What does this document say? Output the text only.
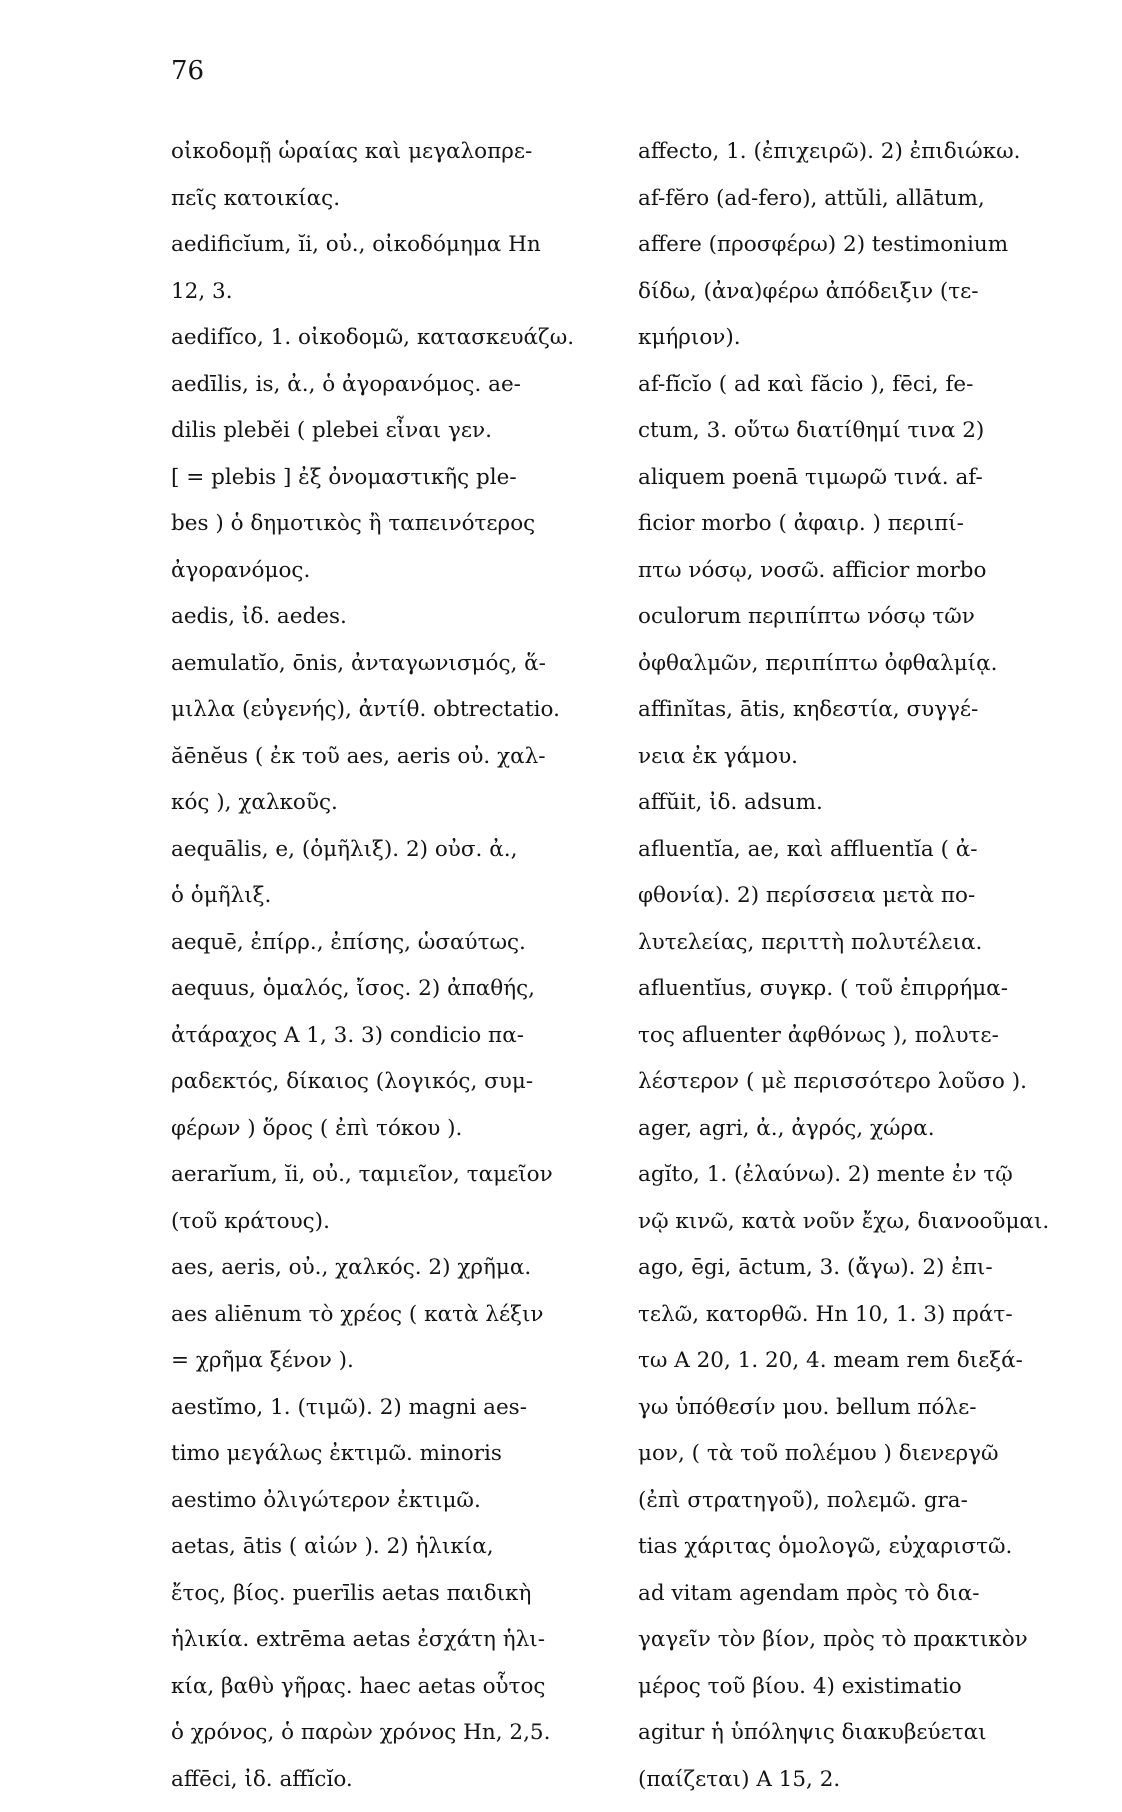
76
οἰκοδομῇ ὡραίας καὶ μεγαλοπρε-
πεῖς κατοικίας.
aedificĭum, ĭi, οὐ., οἰκοδόμημα Hn
12, 3.
aedifĭco, 1. οἰκοδομῶ, κατασκευάζω.
aedīlis, is, ἀ., ὁ ἀγορανόμος. ae-
dilis plebĕi ( plebei εἶναι γεν.
[ = plebis ] ἐξ ὀνομαστικῆς ple-
bes ) ὁ δημοτικὸς ἢ ταπεινότερος
ἀγορανόμος.
aedis, ἰδ. aedes.
aemulatĭo, ōnis, ἀνταγωνισμός, ἅ-
μιλλα (εὐγενής), ἀντίθ. obtrectatio.
ăēnĕus ( ἐκ τοῦ aes, aeris οὐ. χαλ-
κός ), χαλκοῦς.
aequālis, e, (ὁμῆλιξ). 2) οὐσ. ἀ.,
ὁ ὁμῆλιξ.
aequē, ἐπίρρ., ἐπίσης, ὡσαύτως.
aequus, ὁμαλός, ἴσος. 2) ἀπαθής,
ἀτάραχος A 1, 3. 3) condicio πα-
ραδεκτός, δίκαιος (λογικός, συμ-
φέρων ) ὅρος ( ἐπὶ τόκου ).
aerarĭum, ĭi, οὐ., ταμιεῖον, ταμεῖον
(τοῦ κράτους).
aes, aeris, οὐ., χαλκός. 2) χρῆμα.
aes aliēnum τὸ χρέος ( κατὰ λέξιν
= χρῆμα ξένον ).
aestĭmo, 1. (τιμῶ). 2) magni aes-
timo μεγάλως ἐκτιμῶ. minoris
aestimo ὀλιγώτερον ἐκτιμῶ.
aetas, ātis ( αἰών ). 2) ἡλικία,
ἔτος, βίος. puerīlis aetas παιδικὴ
ἡλικία. extrēma aetas ἐσχάτη ἡλι-
κία, βαθὺ γῆρας. haec aetas οὗτος
ὁ χρόνος, ὁ παρὼν χρόνος Hn, 2,5.
affēci, ἰδ. affĭcĭo.
affecto, 1. (ἐπιχειρῶ). 2) ἐπιδιώκω.
af-fĕro (ad-fero), attŭli, allātum,
affere (προσφέρω) 2) testimonium
δίδω, (ἀνα)φέρω ἀπόδειξιν (τε-
κμήριον).
af-fĭcĭo ( ad καὶ făcio ), fēci, fe-
ctum, 3. οὕτω διατίθημί τινα 2)
aliquem poenā τιμωρῶ τινά. af-
ficior morbo ( ἀφαιρ. ) περιπί-
πτω νόσῳ, νοσῶ. afficior morbo
oculorum περιπίπτω νόσῳ τῶν
ὀφθαλμῶν, περιπίπτω ὀφθαλμίᾳ.
affinĭtas, ātis, κηδεστία, συγγέ-
νεια ἐκ γάμου.
affŭit, ἰδ. adsum.
afluentĭa, ae, καὶ affluentĭa ( ἀ-
φθονία). 2) περίσσεια μετὰ πο-
λυτελείας, περιττὴ πολυτέλεια.
afluentĭus, συγκρ. ( τοῦ ἐπιρρήμα-
τος afluenter ἀφθόνως ), πολυτε-
λέστερον ( μὲ περισσότερο λοῦσο ).
ager, agri, ἀ., ἀγρός, χώρα.
agĭto, 1. (ἐλαύνω). 2) mente ἐν τῷ
νῷ κινῶ, κατὰ νοῦν ἔχω, διανοοῦμαι.
ago, ēgi, āctum, 3. (ἄγω). 2) ἐπι-
τελῶ, κατορθῶ. Hn 10, 1. 3) πράτ-
τω A 20, 1. 20, 4. meam rem διεξά-
γω ὑπόθεσίν μου. bellum πόλε-
μον, ( τὰ τοῦ πολέμου ) διενεργῶ
(ἐπὶ στρατηγοῦ), πολεμῶ. gra-
tias χάριτας ὁμολογῶ, εὐχαριστῶ.
ad vitam agendam πρὸς τὸ δια-
γαγεῖν τὸν βίον, πρὸς τὸ πρακτικὸν
μέρος τοῦ βίου. 4) existimatio
agitur ἡ ὑπόληψις διακυβεύεται
(παίζεται) A 15, 2.
